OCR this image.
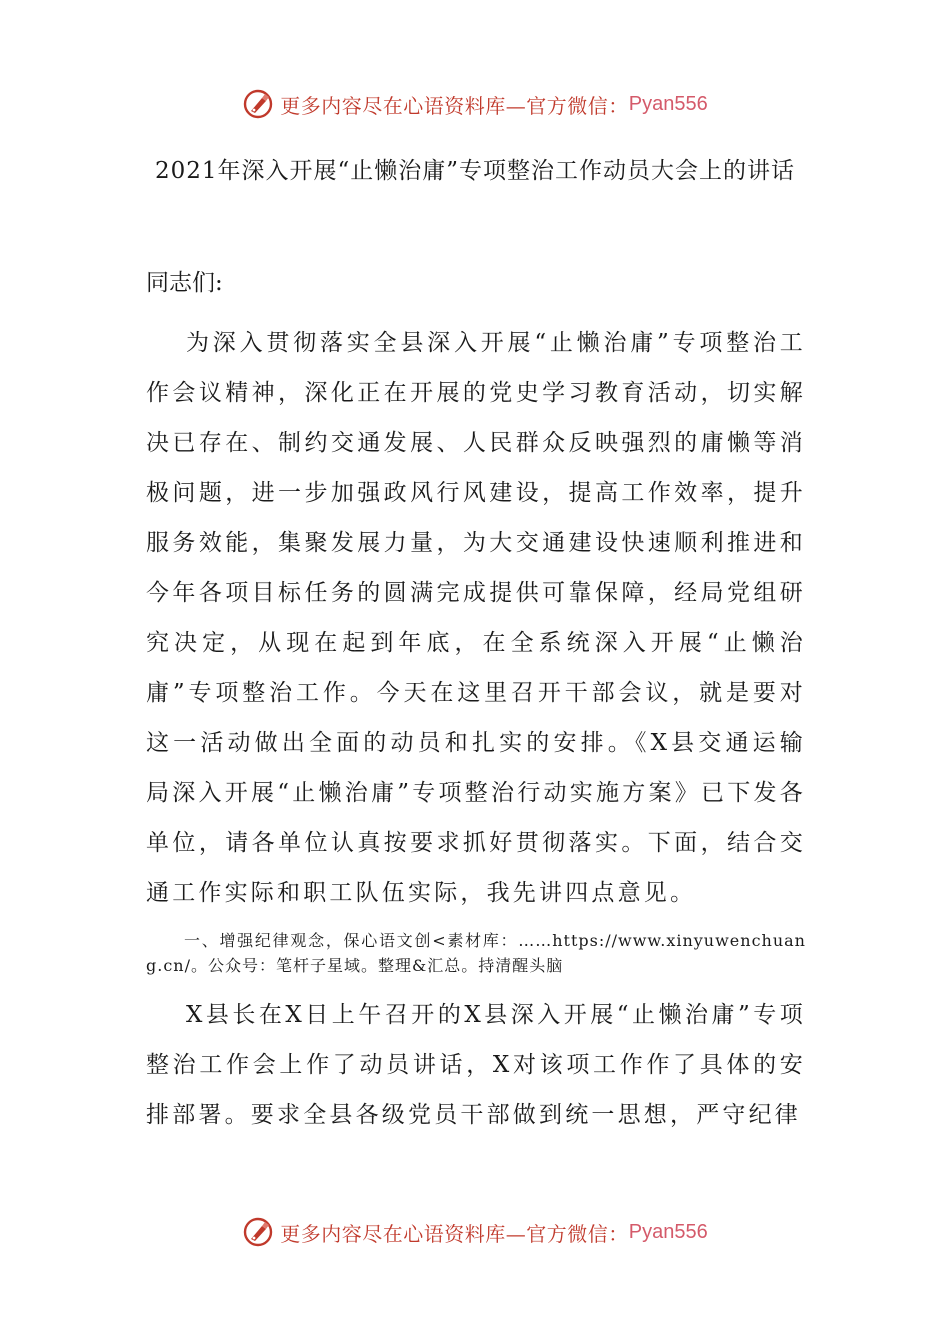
更多内容尽在心语资料库—官方微信： Pyan556
2021年深入开展“止懒治庸”专项整治工作动员大会上的讲话

同志们:

为深入贯彻落实全县深入开展“止懒治庸”专项整治工作会议精神，深化正在开展的党史学习教育活动，切实解决已存在、制约交通发展、人民群众反映强烈的庸懒等消极问题，进一步加强政风行风建设，提高工作效率，提升服务效能，集聚发展力量，为大交通建设快速顺利推进和今年各项目标任务的圆满完成提供可靠保障，经局党组研究决定，从现在起到年底，在全系统深入开展“止懒治庸”专项整治工作。今天在这里召开干部会议，就是要对这一活动做出全面的动员和扎实的安排。《X县交通运输局深入开展“止懒治庸”专项整治行动实施方案》已下发各单位，请各单位认真按要求抓好贯彻落实。下面，结合交通工作实际和职工队伍实际，我先讲四点意见。

一、增强纪律观念，保心语文创<素材库：……https://www.xinyuwenchuang.cn/。公众号：笔杆子星域。整理&汇总。持清醒头脑

X县长在X日上午召开的X县深入开展“止懒治庸”专项整治工作会上作了动员讲话，X对该项工作作了具体的安排部署。要求全县各级党员干部做到统一思想，严守纪律

更多内容尽在心语资料库—官方微信： Pyan556
